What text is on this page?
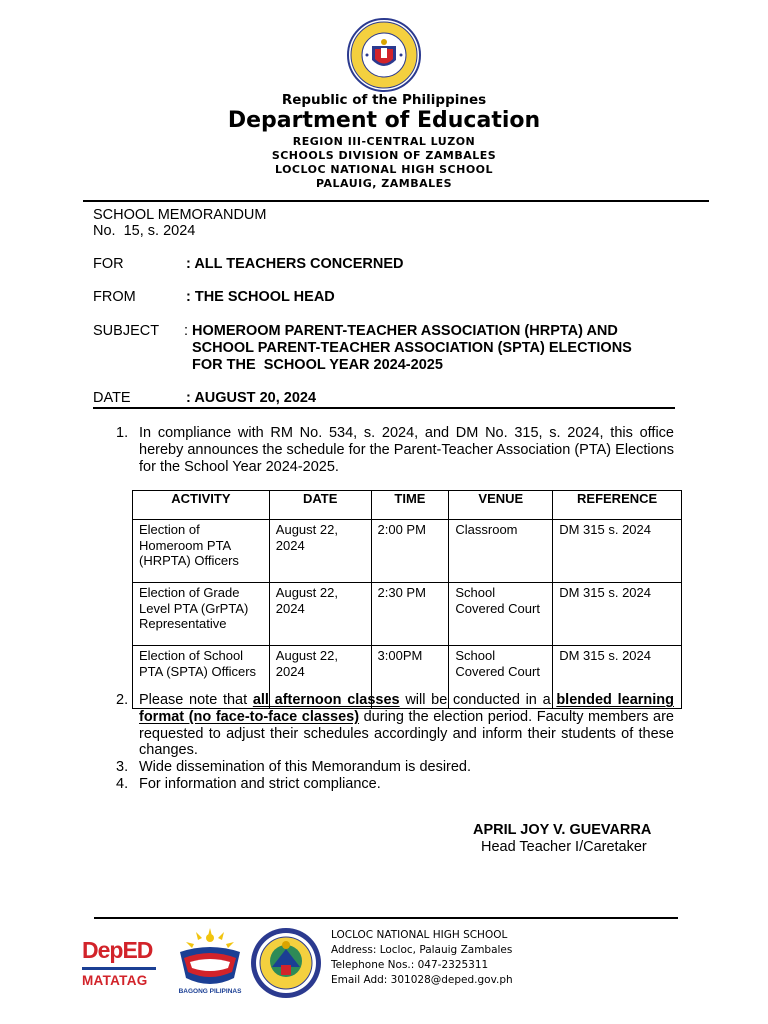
Republic of the Philippines
Department of Education
REGION III-CENTRAL LUZON
SCHOOLS DIVISION OF ZAMBALES
LOCLOC NATIONAL HIGH SCHOOL
PALAUIG, ZAMBALES
SCHOOL MEMORANDUM
No.  15, s. 2024
FOR	: ALL TEACHERS CONCERNED
FROM	: THE SCHOOL HEAD
SUBJECT : HOMEROOM PARENT-TEACHER ASSOCIATION (HRPTA) AND
SCHOOL PARENT-TEACHER ASSOCIATION (SPTA) ELECTIONS
FOR THE  SCHOOL YEAR 2024-2025
DATE	: AUGUST 20, 2024
1. In compliance with RM No. 534, s. 2024, and DM No. 315, s. 2024, this office hereby announces the schedule for the Parent-Teacher Association (PTA) Elections for the School Year 2024-2025.
ACTIVITY	DATE	TIME	VENUE	REFERENCE
Election of Homeroom PTA (HRPTA) Officers	August 22, 2024	2:00 PM	Classroom	DM 315 s. 2024
Election of Grade Level PTA (GrPTA) Representative	August 22, 2024	2:30 PM	School Covered Court	DM 315 s. 2024
Election of School PTA (SPTA) Officers	August 22, 2024	3:00PM	School Covered Court	DM 315 s. 2024
2. Please note that all afternoon classes will be conducted in a blended learning format (no face-to-face classes) during the election period. Faculty members are requested to adjust their schedules accordingly and inform their students of these changes.
3. Wide dissemination of this Memorandum is desired.
4. For information and strict compliance.
APRIL JOY V. GUEVARRA
Head Teacher I/Caretaker
DepED
MATATAG
BAGONG PILIPINAS
LOCLOC NATIONAL HIGH SCHOOL
Address: Locloc, Palauig Zambales
Telephone Nos.: 047-2325311
Email Add: 301028@deped.gov.ph
